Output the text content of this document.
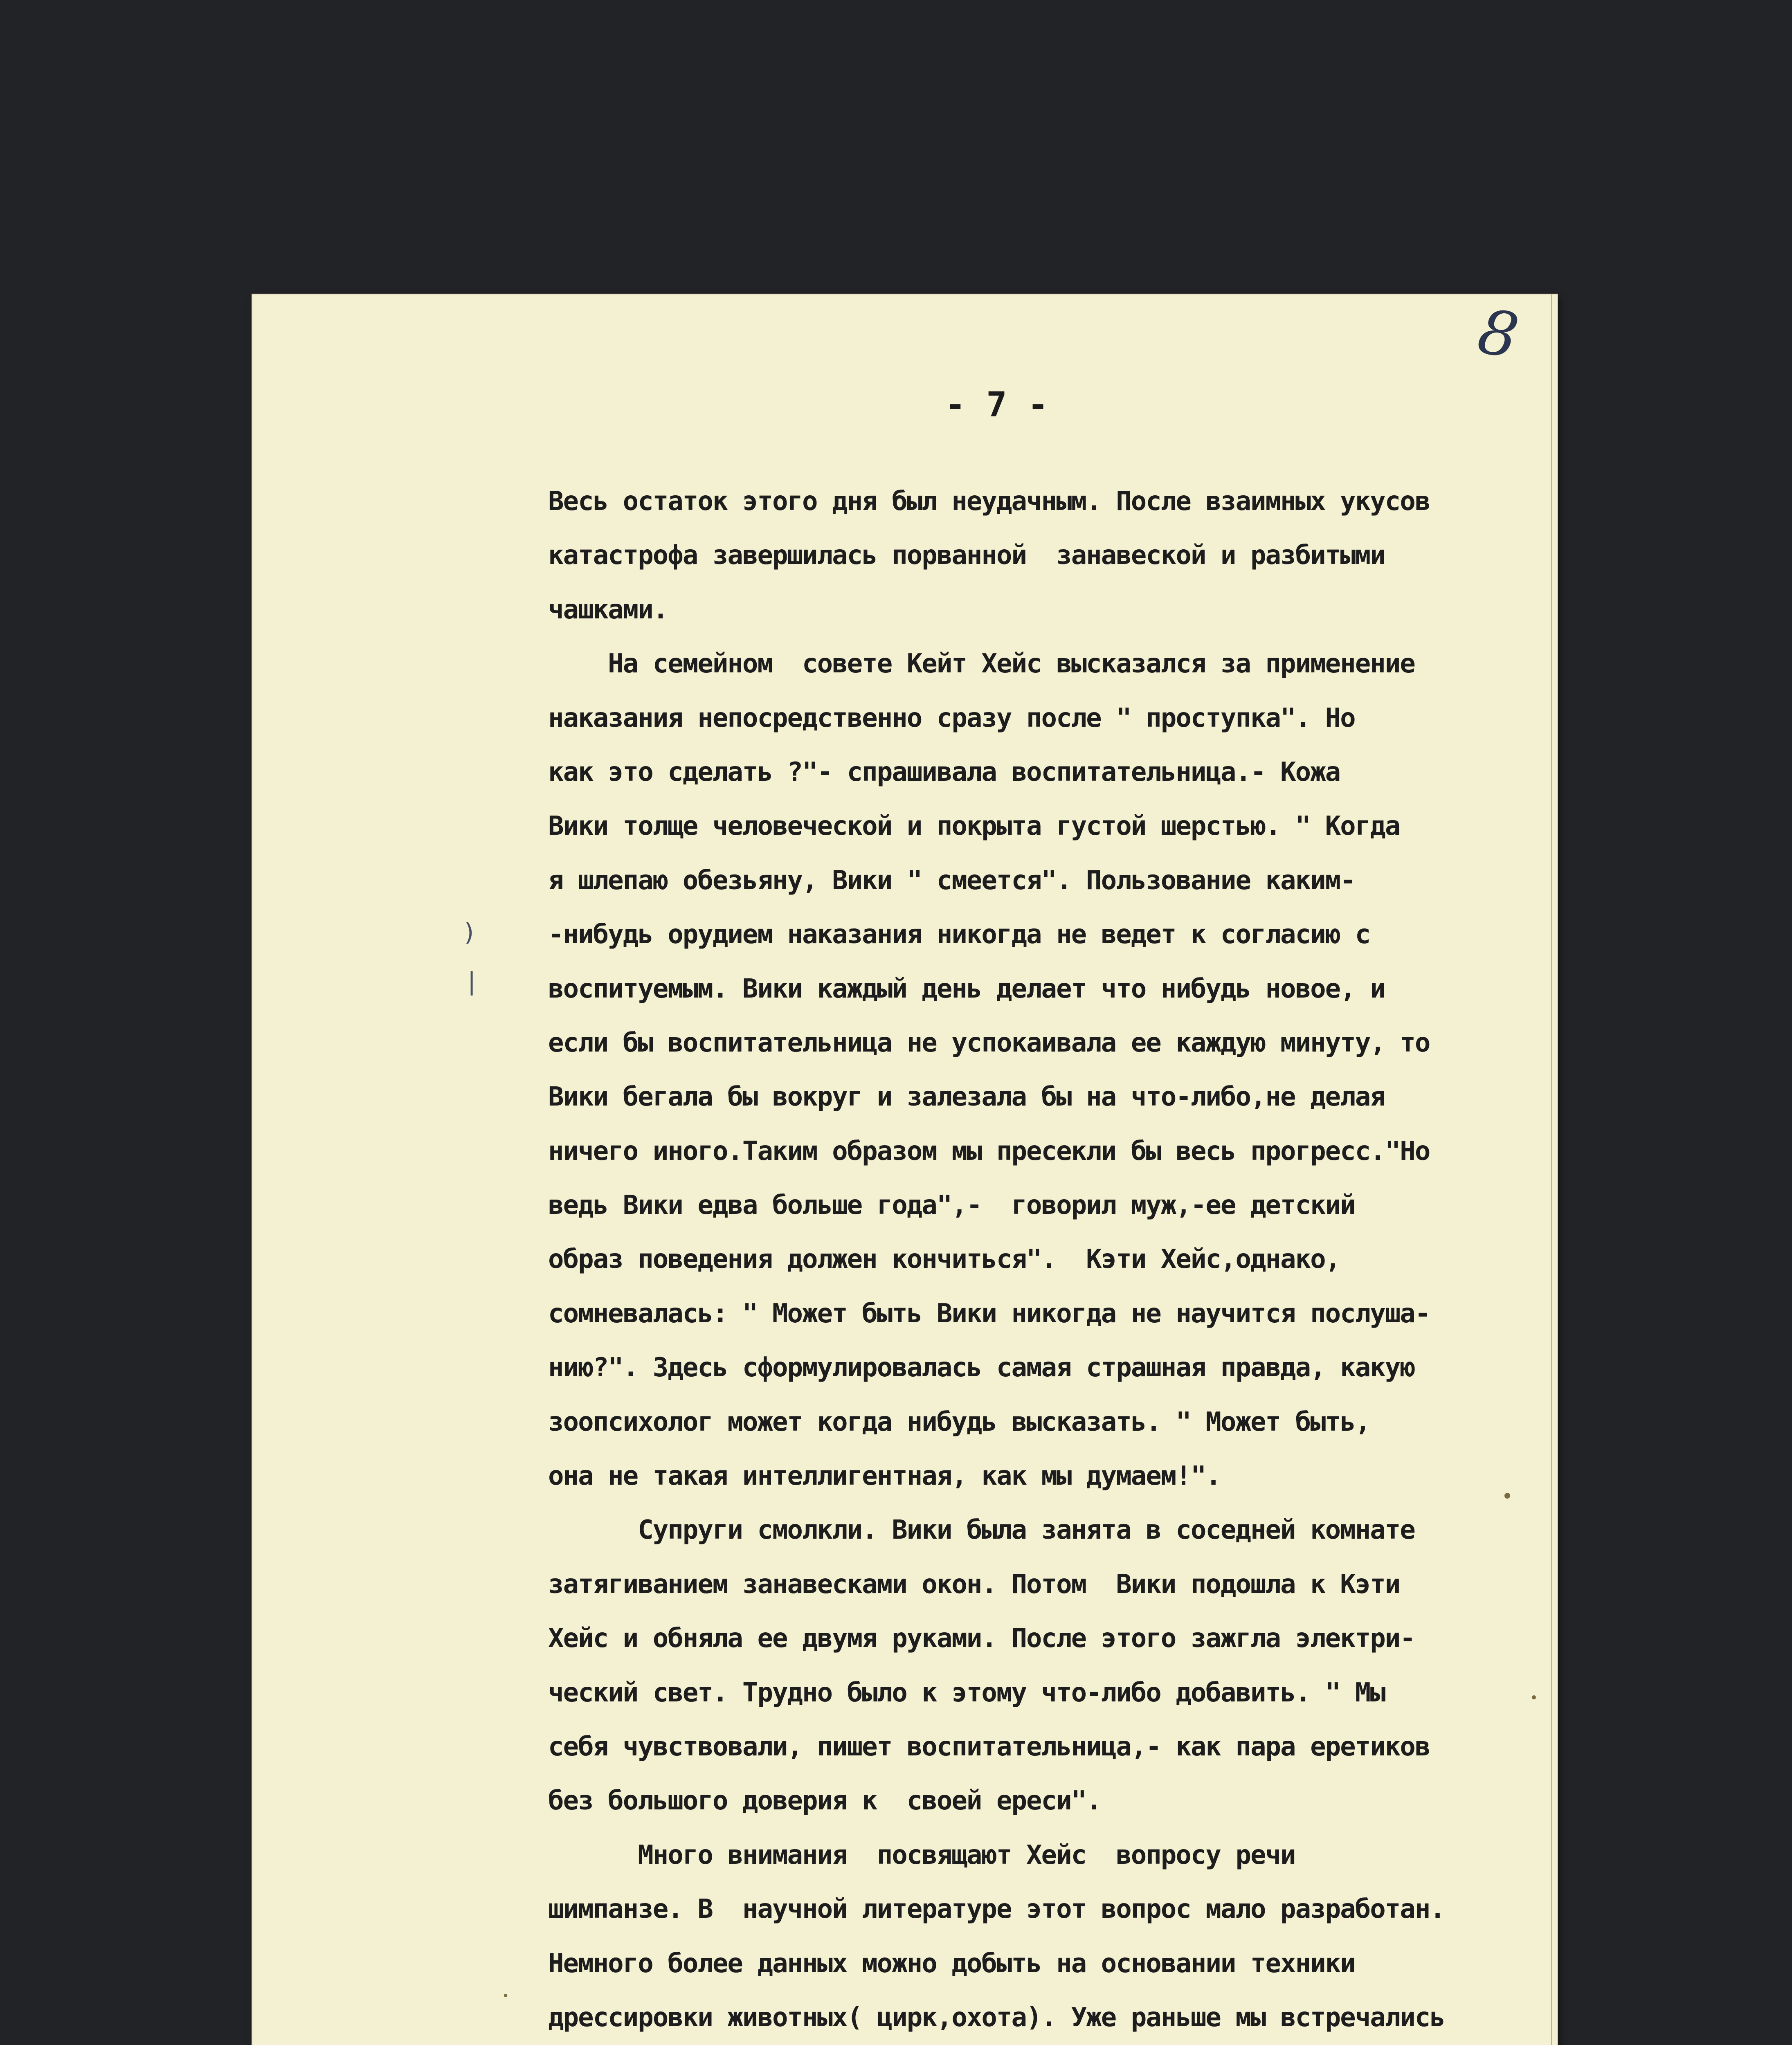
8
- 7 -
)
|
Весь остаток этого дня был неудачным. После взаимных укусов
катастрофа завершилась порванной  занавеской и разбитыми
чашками.
На семейном  совете Кейт Хейс высказался за применение
наказания непосредственно сразу после " проступка". Но
как это сделать ?"- спрашивала воспитательница.- Кожа
Вики толще человеческой и покрыта густой шерстью. " Когда
я шлепаю обезьяну, Вики " смеется". Пользование каким-
-нибудь орудием наказания никогда не ведет к согласию с
воспитуемым. Вики каждый день делает что нибудь новое, и
если бы воспитательница не успокаивала ее каждую минуту, то
Вики бегала бы вокруг и залезала бы на что-либо,не делая
ничего иного.Таким образом мы пресекли бы весь прогресс."Но
ведь Вики едва больше года",-  говорил муж,-ее детский
образ поведения должен кончиться".  Кэти Хейс,однако,
сомневалась: " Может быть Вики никогда не научится послуша-
нию?". Здесь сформулировалась самая страшная правда, какую
зоопсихолог может когда нибудь высказать. " Может быть,
она не такая интеллигентная, как мы думаем!".
Супруги смолкли. Вики была занята в соседней комнате
затягиванием занавесками окон. Потом  Вики подошла к Кэти
Хейс и обняла ее двумя руками. После этого зажгла электри-
ческий свет. Трудно было к этому что-либо добавить. " Мы
себя чувствовали, пишет воспитательница,- как пара еретиков
без большого доверия к  своей ереси".
Много внимания  посвящают Хейс  вопросу речи
шимпанзе. В  научной литературе этот вопрос мало разработан.
Немного более данных можно добыть на основании техники
дрессировки животных( цирк,охота). Уже раньше мы встречались
